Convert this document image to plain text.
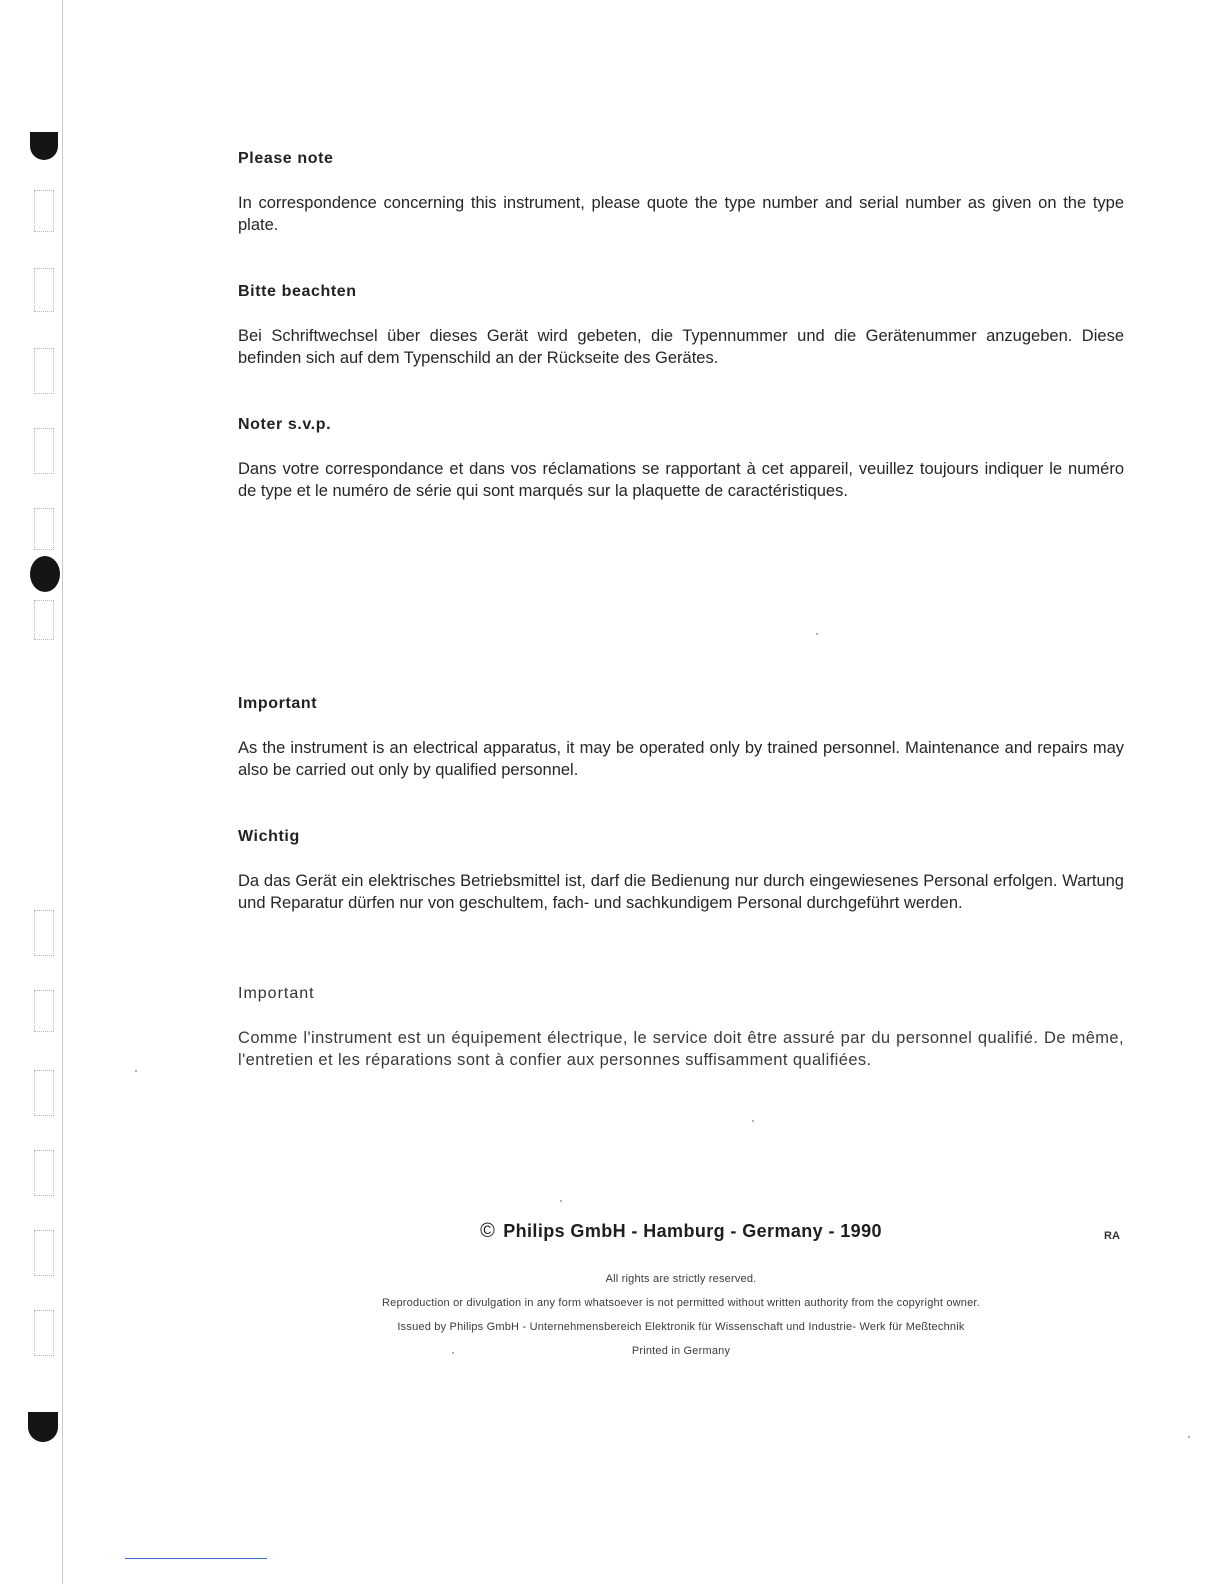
Please note

In correspondence concerning this instrument, please quote the type number and serial number as given on the type plate.

Bitte beachten

Bei Schriftwechsel über dieses Gerät wird gebeten, die Typennummer und die Gerätenummer anzugeben. Diese befinden sich auf dem Typenschild an der Rückseite des Gerätes.

Noter s.v.p.

Dans votre correspondance et dans vos réclamations se rapportant à cet appareil, veuillez toujours indiquer le numéro de type et le numéro de série qui sont marqués sur la plaquette de caractéristiques.

Important

As the instrument is an electrical apparatus, it may be operated only by trained personnel. Maintenance and repairs may also be carried out only by qualified personnel.

Wichtig

Da das Gerät ein elektrisches Betriebsmittel ist, darf die Bedienung nur durch eingewiesenes Personal erfolgen. Wartung und Reparatur dürfen nur von geschultem, fach- und sachkundigem Personal durchgeführt werden.

Important

Comme l'instrument est un équipement électrique, le service doit être assuré par du personnel qualifié. De même, l'entretien et les réparations sont à confier aux personnes suffisamment qualifiées.

© Philips GmbH - Hamburg - Germany - 1990	RA

All rights are strictly reserved.

Reproduction or divulgation in any form whatsoever is not permitted without written authority from the copyright owner.

Issued by Philips GmbH - Unternehmensbereich Elektronik für Wissenschaft und Industrie- Werk für Meßtechnik

Printed in Germany
